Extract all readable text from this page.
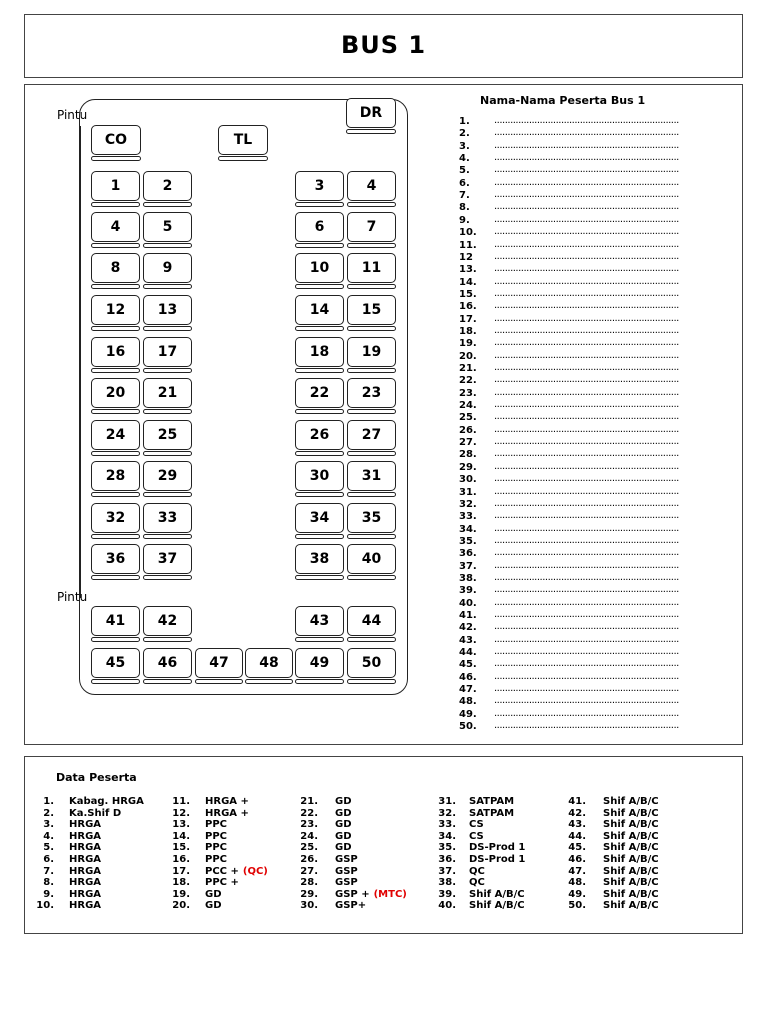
BUS 1
Pintu
Pintu
DR
CO	TL
1	2	3	4
4	5	6	7
8	9	10	11
12	13	14	15
16	17	18	19
20	21	22	23
24	25	26	27
28	29	30	31
32	33	34	35
36	37	38	40
41	42	43	44
45	46	47	48	49	50
Nama-Nama Peserta Bus 1
1. .....................................................................
2. .....................................................................
3. .....................................................................
4. .....................................................................
5. .....................................................................
6. .....................................................................
7. .....................................................................
8. .....................................................................
9. .....................................................................
10. .....................................................................
11. .....................................................................
12 .....................................................................
13. .....................................................................
14. .....................................................................
15. .....................................................................
16. .....................................................................
17. .....................................................................
18. .....................................................................
19. .....................................................................
20. .....................................................................
21. .....................................................................
22. .....................................................................
23. .....................................................................
24. .....................................................................
25. .....................................................................
26. .....................................................................
27. .....................................................................
28. .....................................................................
29. .....................................................................
30. .....................................................................
31. .....................................................................
32. .....................................................................
33. .....................................................................
34. .....................................................................
35. .....................................................................
36. .....................................................................
37. .....................................................................
38. .....................................................................
39. .....................................................................
40. .....................................................................
41. .....................................................................
42. .....................................................................
43. .....................................................................
44. .....................................................................
45. .....................................................................
46. .....................................................................
47. .....................................................................
48. .....................................................................
49. .....................................................................
50. .....................................................................
Data Peserta
1. Kabag. HRGA
2. Ka.Shif D
3. HRGA
4. HRGA
5. HRGA
6. HRGA
7. HRGA
8. HRGA
9. HRGA
10. HRGA
11. HRGA +
12. HRGA +
13. PPC
14. PPC
15. PPC
16. PPC
17. PCC + (QC)
18. PPC +
19. GD
20. GD
21. GD
22. GD
23. GD
24. GD
25. GD
26. GSP
27. GSP
28. GSP
29. GSP + (MTC)
30. GSP+
31. SATPAM
32. SATPAM
33. CS
34. CS
35. DS-Prod 1
36. DS-Prod 1
37. QC
38. QC
39. Shif A/B/C
40. Shif A/B/C
41. Shif A/B/C
42. Shif A/B/C
43. Shif A/B/C
44. Shif A/B/C
45. Shif A/B/C
46. Shif A/B/C
47. Shif A/B/C
48. Shif A/B/C
49. Shif A/B/C
50. Shif A/B/C
